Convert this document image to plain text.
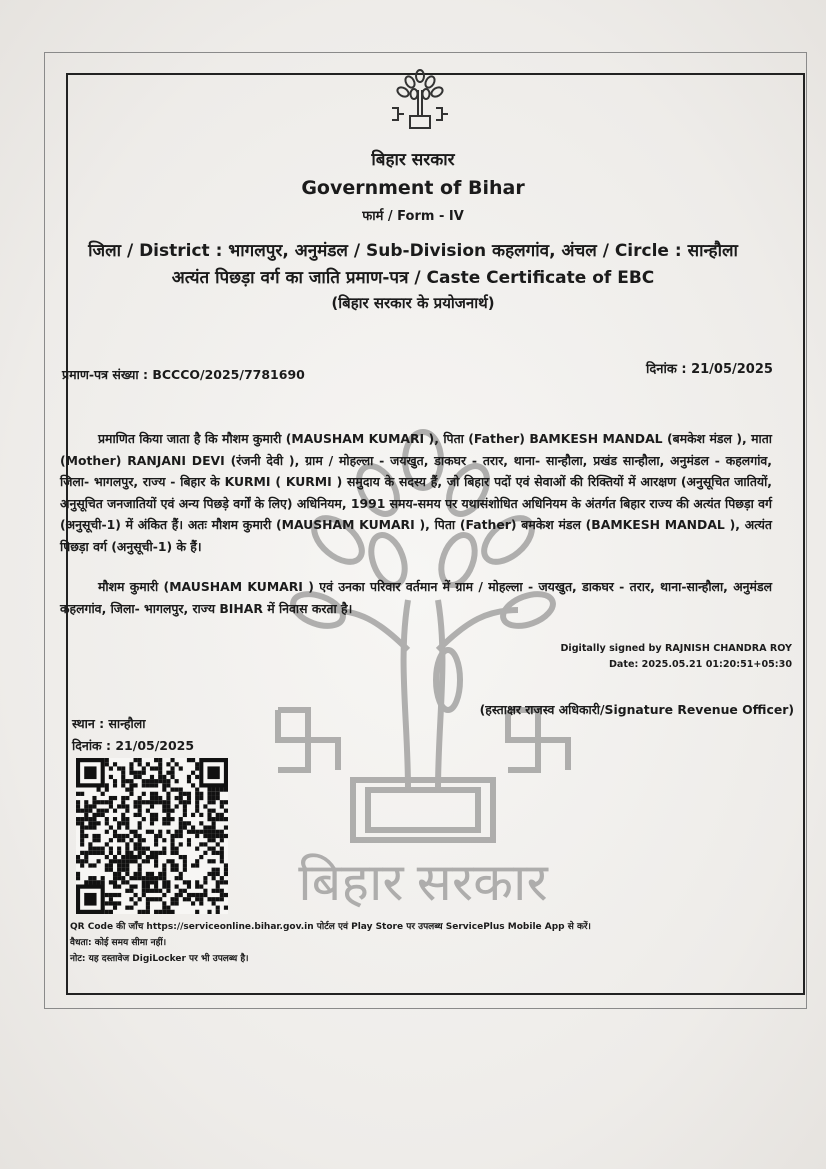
बिहार सरकार
बिहार सरकार
Government of Bihar
फार्म / Form - IV
जिला / District : भागलपुर, अनुमंडल / Sub-Division कहलगांव, अंचल / Circle : सान्हौला
अत्यंत पिछड़ा वर्ग का जाति प्रमाण-पत्र / Caste Certificate of EBC
(बिहार सरकार के प्रयोजनार्थ)
प्रमाण-पत्र संख्या : BCCCO/2025/7781690	दिनांक : 21/05/2025
प्रमाणित किया जाता है कि मौशम कुमारी (MAUSHAM KUMARI ), पिता (Father) BAMKESH MANDAL (बमकेश मंडल ), माता (Mother) RANJANI DEVI (रंजनी देवी ), ग्राम / मोहल्ला - जयखुत, डाकघर - तरार, थाना- सान्हौला, प्रखंड सान्हौला, अनुमंडल - कहलगांव, जिला- भागलपुर, राज्य - बिहार के KURMI ( KURMI ) समुदाय के सदस्य हैं, जो बिहार पदों एवं सेवाओं की रिक्तियों में आरक्षण (अनुसूचित जातियों, अनुसूचित जनजातियों एवं अन्य पिछड़े वर्गों के लिए) अधिनियम, 1991 समय-समय पर यथासंशोधित अधिनियम के अंतर्गत बिहार राज्य की अत्यंत पिछड़ा वर्ग (अनुसूची-1) में अंकित हैं। अतः मौशम कुमारी (MAUSHAM KUMARI ), पिता (Father) बमकेश मंडल (BAMKESH MANDAL ), अत्यंत पिछड़ा वर्ग (अनुसूची-1) के हैं।
मौशम कुमारी (MAUSHAM KUMARI ) एवं उनका परिवार वर्तमान में ग्राम / मोहल्ला - जयखुत, डाकघर - तरार, थाना-सान्हौला, अनुमंडल कहलगांव, जिला- भागलपुर, राज्य BIHAR में निवास करता है।
Digitally signed by RAJNISH CHANDRA ROY
Date: 2025.05.21 01:20:51+05:30
(हस्ताक्षर राजस्व अधिकारी/Signature Revenue Officer)
स्थान : सान्हौला
दिनांक : 21/05/2025
QR Code की जाँच https://serviceonline.bihar.gov.in पोर्टल एवं Play Store पर उपलब्ध ServicePlus Mobile App से करें।
वैधता: कोई समय सीमा नहीं।
नोट: यह दस्तावेज DigiLocker पर भी उपलब्ध है।
